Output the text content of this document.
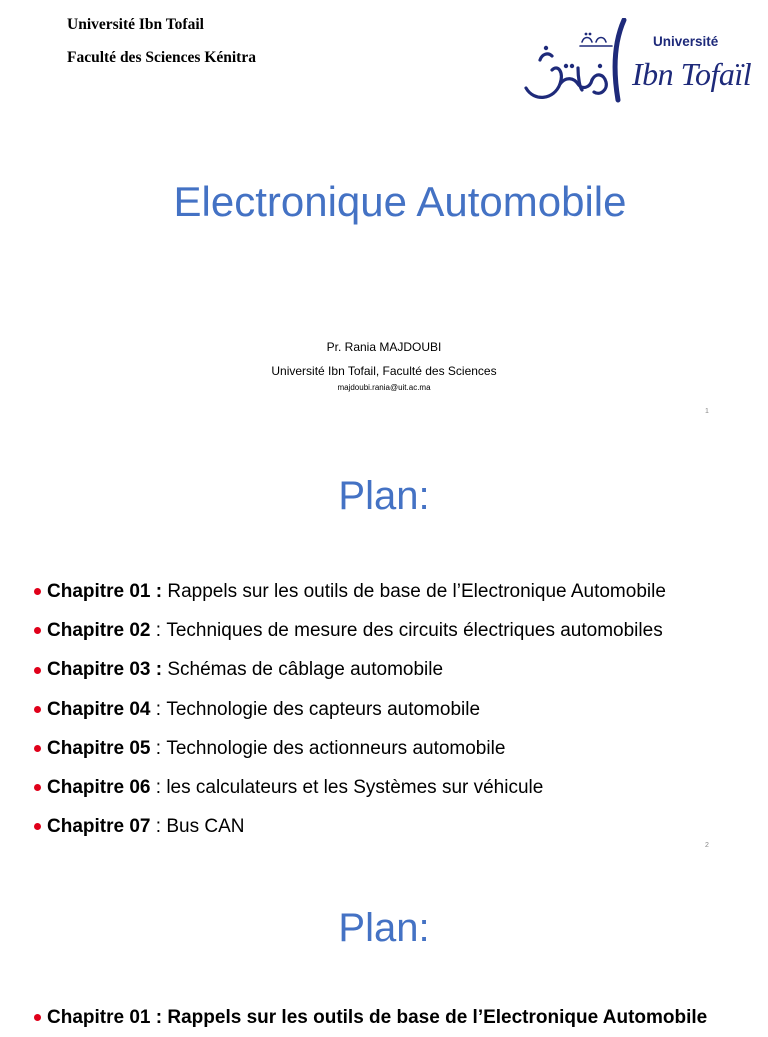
Université Ibn Tofail
Faculté des Sciences Kénitra
Université
Ibn Tofaïl
Electronique Automobile
Pr. Rania MAJDOUBI
Université Ibn Tofail, Faculté des Sciences
majdoubi.rania@uit.ac.ma
1
Plan:
Chapitre 01 :
Rappels sur les outils de base de l’Electronique Automobile
Chapitre 02 : Techniques de mesure des circuits électriques automobiles
Chapitre 03 :
Schémas de câblage automobile
Chapitre 04 : Technologie des capteurs automobile
Chapitre 05 : Technologie des actionneurs automobile
Chapitre 06 : les calculateurs et les Systèmes sur véhicule
Chapitre 07 : Bus CAN
2
Plan:
Chapitre 01 :
Rappels sur les outils de base de l’Electronique Automobile
